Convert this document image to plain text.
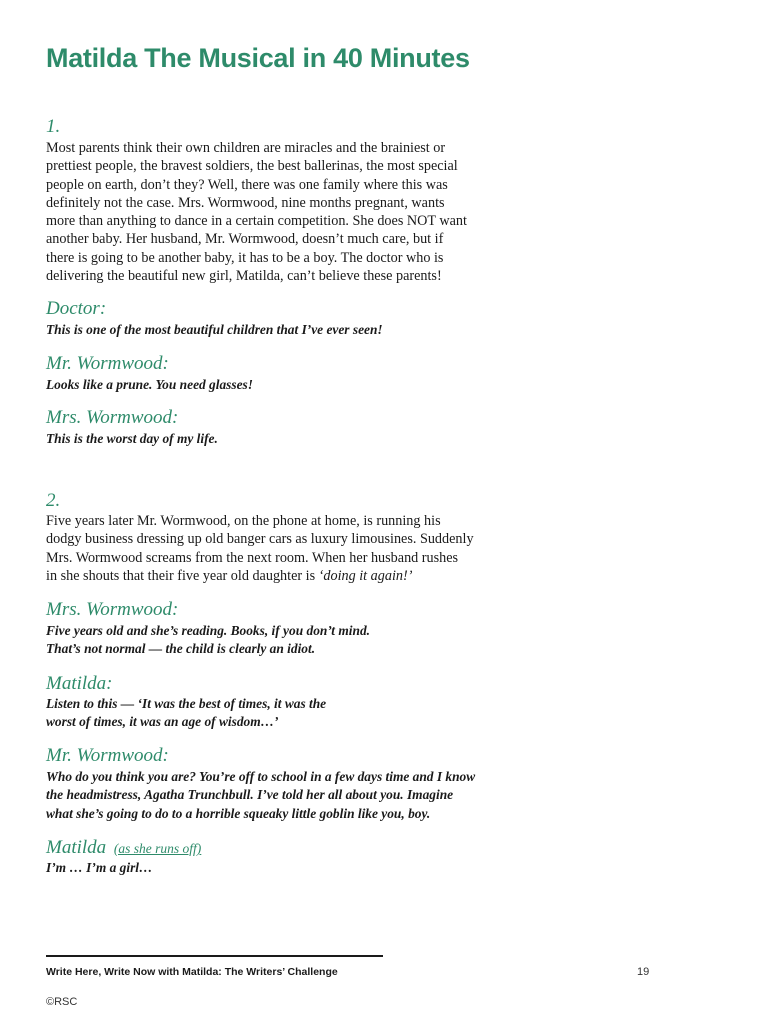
Matilda The Musical in 40 Minutes
1.

Most parents think their own children are miracles and the brainiest or
prettiest people, the bravest soldiers, the best ballerinas, the most special
people on earth, don’t they? Well, there was one family where this was
definitely not the case. Mrs. Wormwood, nine months pregnant, wants
more than anything to dance in a certain competition. She does NOT want
another baby. Her husband, Mr. Wormwood, doesn’t much care, but if
there is going to be another baby, it has to be a boy. The doctor who is
delivering the beautiful new girl, Matilda, can’t believe these parents!

Doctor:

This is one of the most beautiful children that I’ve ever seen!

Mr. Wormwood:

Looks like a prune. You need glasses!

Mrs. Wormwood:

This is the worst day of my life.

2.

Five years later Mr. Wormwood, on the phone at home, is running his
dodgy business dressing up old banger cars as luxury limousines. Suddenly
Mrs. Wormwood screams from the next room. When her husband rushes
in she shouts that their five year old daughter is ‘doing it again!’

Mrs. Wormwood:

Five years old and she’s reading. Books, if you don’t mind.
That’s not normal — the child is clearly an idiot.

Matilda:

Listen to this — ‘It was the best of times, it was the
worst of times, it was an age of wisdom…’

Mr. Wormwood:

Who do you think you are? You’re off to school in a few days time and I know
the headmistress, Agatha Trunchbull. I’ve told her all about you. Imagine
what she’s going to do to a horrible squeaky little goblin like you, boy.

Matilda (as she runs off)

I’m … I’m a girl…

Write Here, Write Now with Matilda: The Writers’ Challenge	19
©RSC
